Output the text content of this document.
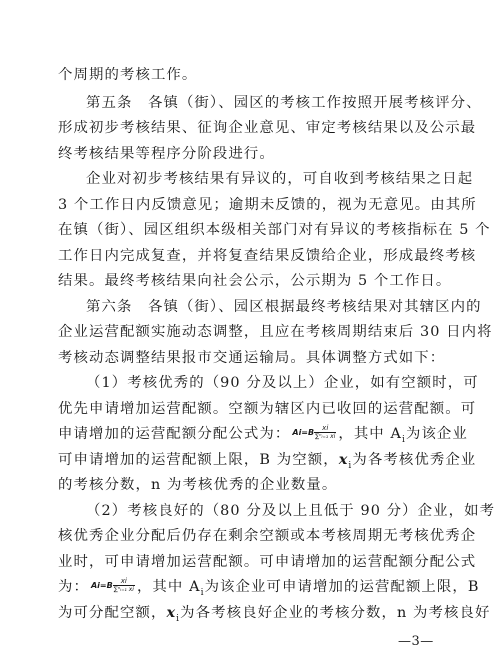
个周期的考核工作。
第五条　各镇（街）、园区的考核工作按照开展考核评分、
形成初步考核结果、征询企业意见、审定考核结果以及公示最
终考核结果等程序分阶段进行。
企业对初步考核结果有异议的，可自收到考核结果之日起
3 个工作日内反馈意见；逾期未反馈的，视为无意见。由其所
在镇（街）、园区组织本级相关部门对有异议的考核指标在 5 个
工作日内完成复查，并将复查结果反馈给企业，形成最终考核
结果。最终考核结果向社会公示，公示期为 5 个工作日。
第六条　各镇（街）、园区根据最终考核结果对其辖区内的
企业运营配额实施动态调整，且应在考核周期结束后 30 日内将
考核动态调整结果报市交通运输局。具体调整方式如下：
（1）考核优秀的（90 分及以上）企业，如有空额时，可
优先申请增加运营配额。空额为辖区内已收回的运营配额。可
申请增加的运营配额分配公式为： $Ai=B \frac{xi}{\text{∑ⁿᵢ₌₁ xi}}$ ，其中 $A_i$为该企业
可申请增加的运营配额上限，B 为空额，$x_i$为各考核优秀企业
的考核分数，n 为考核优秀的企业数量。
（2）考核良好的（80 分及以上且低于 90 分）企业，如考
核优秀企业分配后仍存在剩余空额或本考核周期无考核优秀企
业时，可申请增加运营配额。可申请增加的运营配额分配公式
为： $Ai=B \frac{xi}{\text{∑ⁿᵢ₌₁ xi}}$ ，其中 $A_i$为该企业可申请增加的运营配额上限，B
为可分配空额，$x_i$为各考核良好企业的考核分数，n 为考核良好
—3—
